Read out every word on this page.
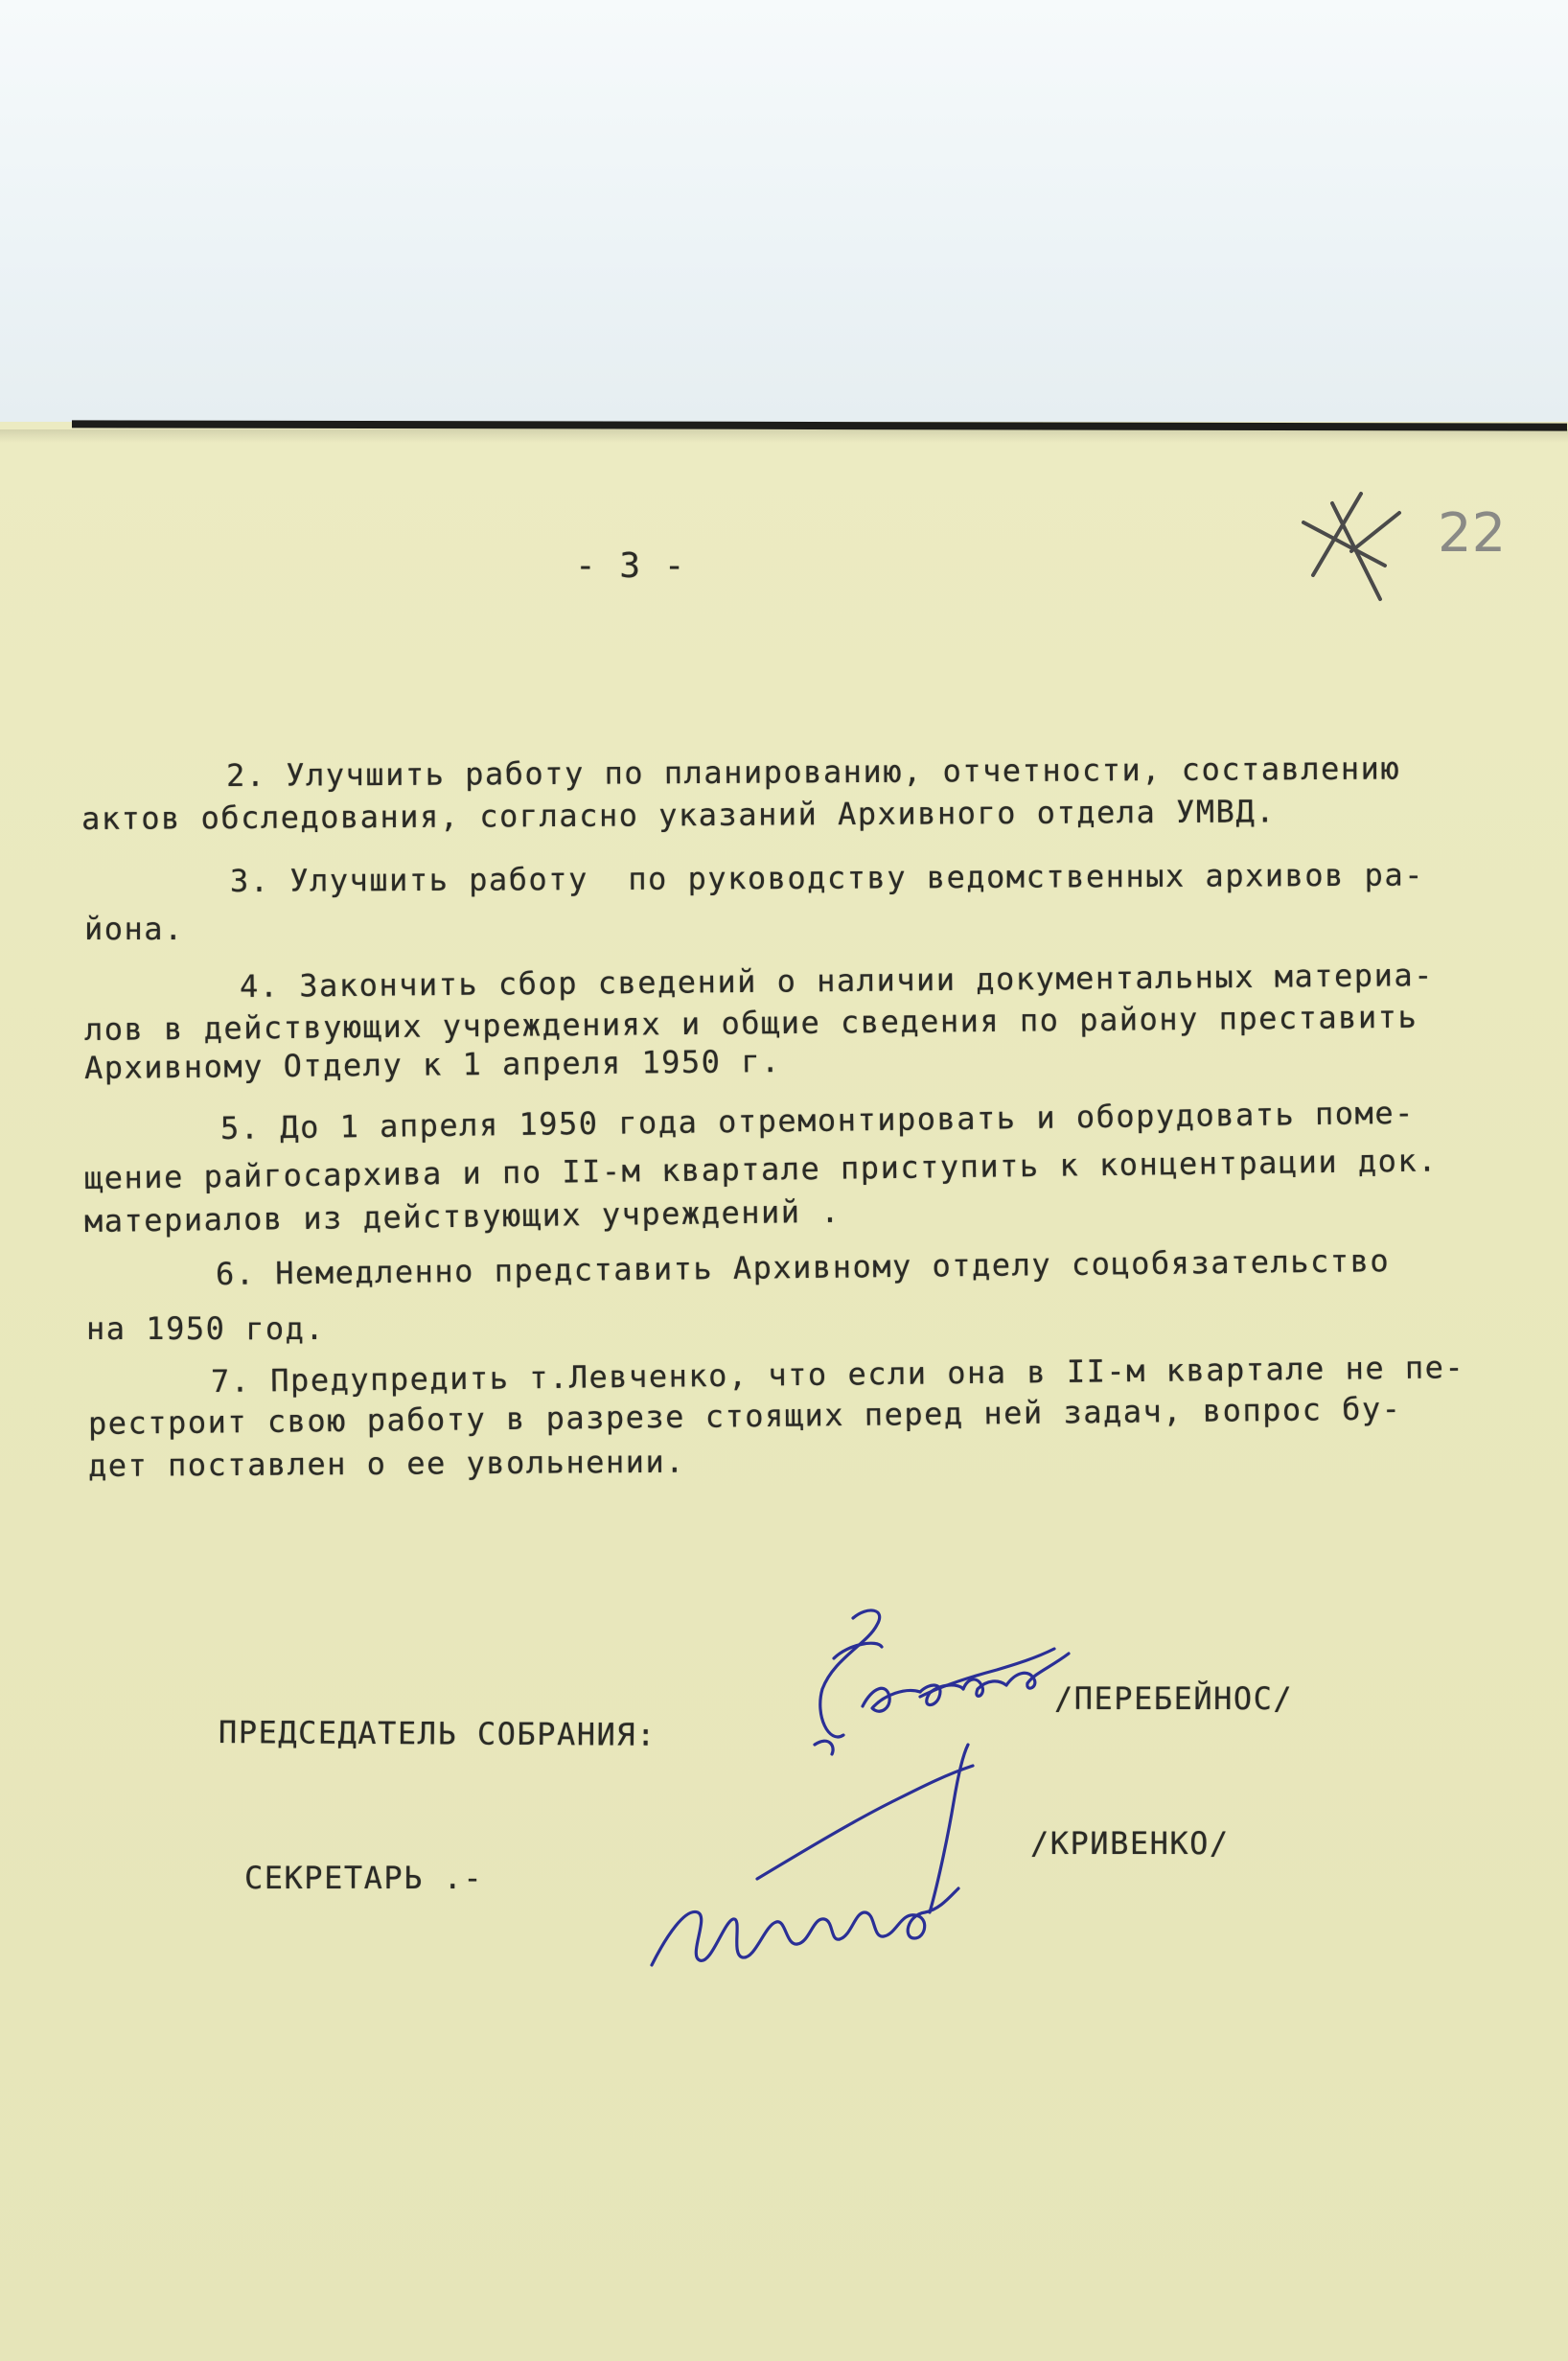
- 3 -
22
2. Улучшить работу по планированию, отчетности, составлению
актов обследования, согласно указаний Архивного отдела УМВД.
3. Улучшить работу  по руководству ведомственных архивов ра-
йона.
4. Закончить сбор сведений о наличии документальных материа-
лов в действующих учреждениях и общие сведения по району преставить
Архивному Отделу к 1 апреля 1950 г.
5. До 1 апреля 1950 года отремонтировать и оборудовать поме-
щение райгосархива и по II-м квартале приступить к концентрации док.
материалов из действующих учреждений .
6. Немедленно представить Архивному отделу соцобязательство
на 1950 год.
7. Предупредить т.Левченко, что если она в II-м квартале не пе-
рестроит свою работу в разрезе стоящих перед ней задач, вопрос бу-
дет поставлен о ее увольнении.
ПРЕДСЕДАТЕЛЬ СОБРАНИЯ:
/ПЕРЕБЕЙНОС/
СЕКРЕТАРЬ .-
/КРИВЕНКО/
